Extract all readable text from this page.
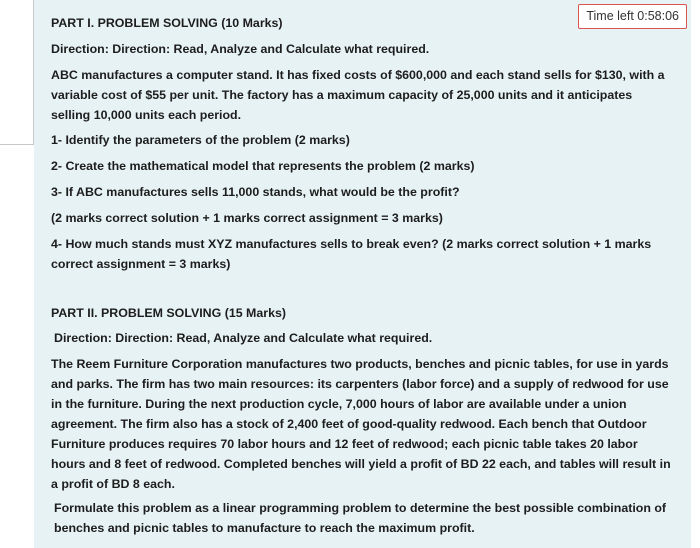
Time left 0:58:06

PART I. PROBLEM SOLVING (10 Marks)

Direction: Direction: Read, Analyze and Calculate what required.

ABC manufactures a computer stand. It has fixed costs of $600,000 and each stand sells for $130, with a variable cost of $55 per unit. The factory has a maximum capacity of 25,000 units and it anticipates selling 10,000 units each period.

1- Identify the parameters of the problem (2 marks)

2- Create the mathematical model that represents the problem (2 marks)

3- If ABC manufactures sells 11,000 stands, what would be the profit?

(2 marks correct solution + 1 marks correct assignment = 3 marks)

4- How much stands must XYZ manufactures sells to break even? (2 marks correct solution + 1 marks correct assignment = 3 marks)

PART II. PROBLEM SOLVING (15 Marks)

Direction: Direction: Read, Analyze and Calculate what required.

The Reem Furniture Corporation manufactures two products, benches and picnic tables, for use in yards and parks. The firm has two main resources: its carpenters (labor force) and a supply of redwood for use in the furniture. During the next production cycle, 7,000 hours of labor are available under a union agreement. The firm also has a stock of 2,400 feet of good-quality redwood. Each bench that Outdoor Furniture produces requires 70 labor hours and 12 feet of redwood; each picnic table takes 20 labor hours and 8 feet of redwood. Completed benches will yield a profit of BD 22 each, and tables will result in a profit of BD 8 each.

Formulate this problem as a linear programming problem to determine the best possible combination of benches and picnic tables to manufacture to reach the maximum profit.
